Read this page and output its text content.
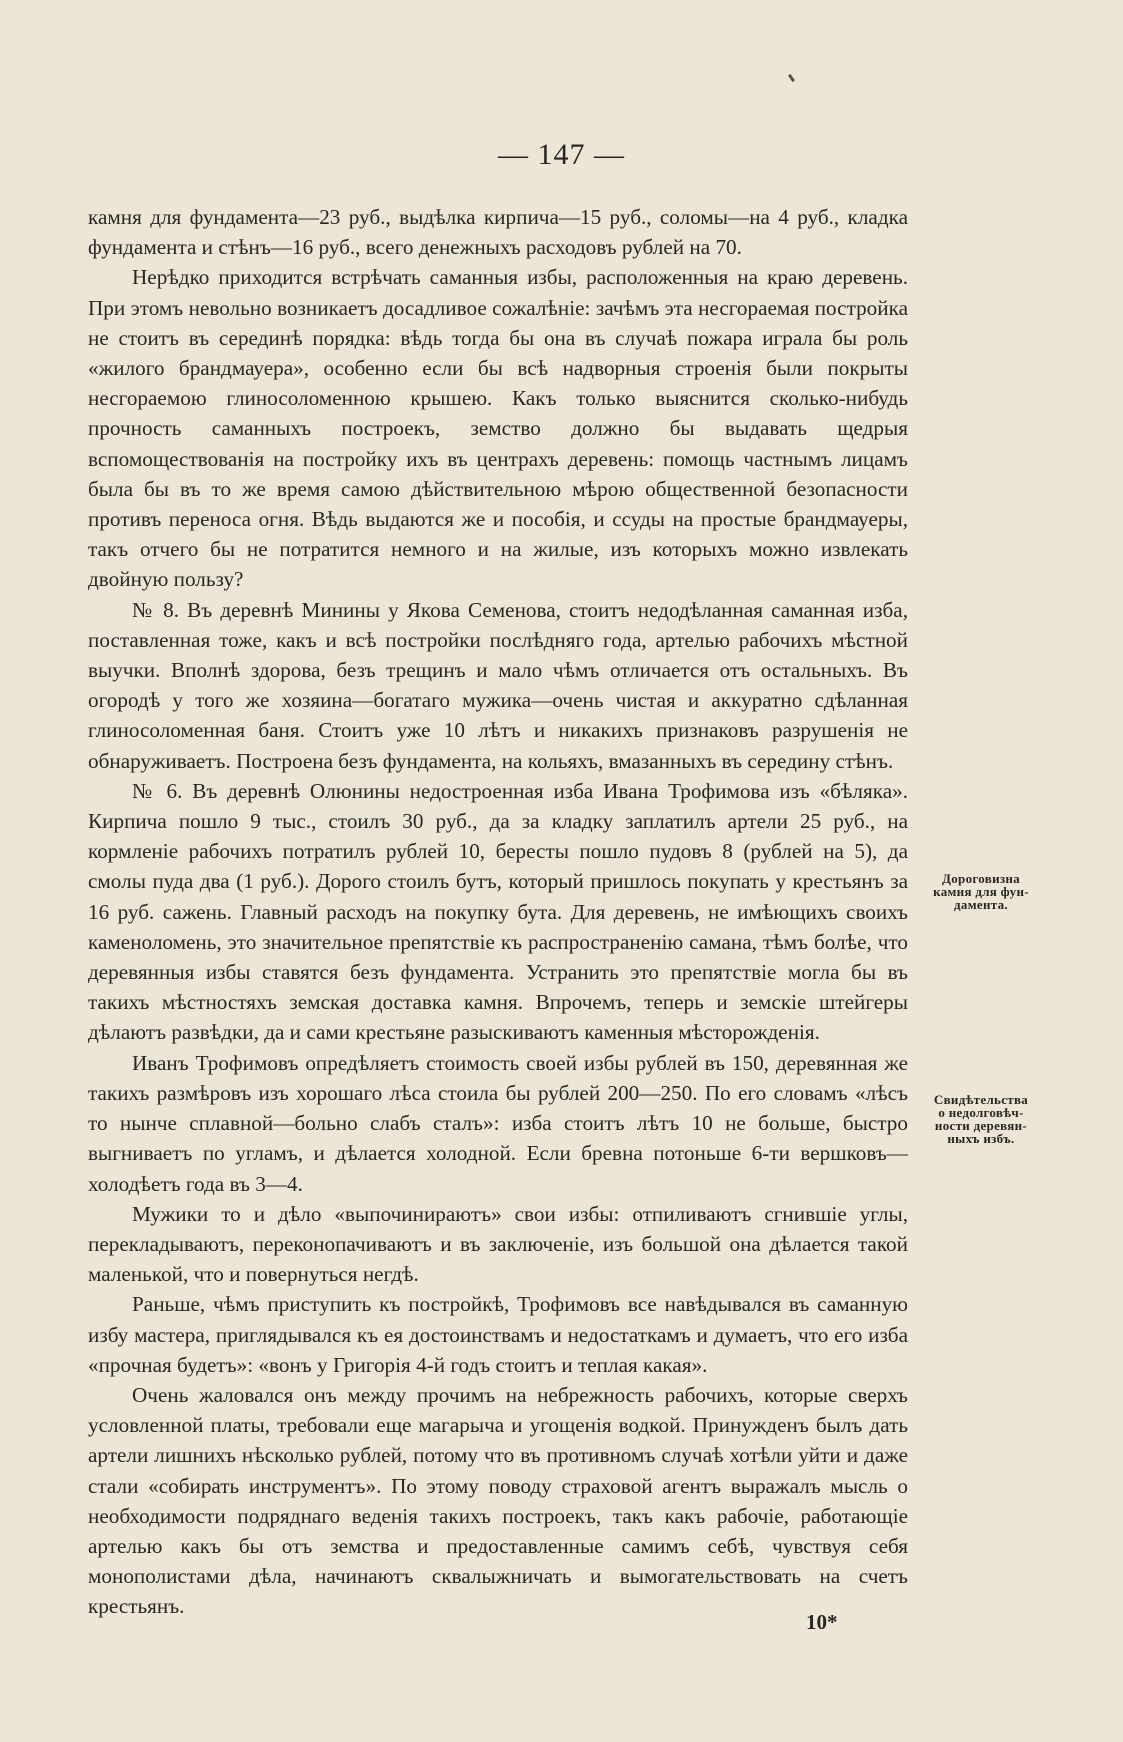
— 147 —

камня для фундамента—23 руб., выдѣлка кирпича—15 руб., соломы—на 4 руб., кладка фундамента и стѣнъ—16 руб., всего денежныхъ расходовъ рублей на 70.

Нерѣдко приходится встрѣчать саманныя избы, расположенныя на краю деревень. При этомъ невольно возникаетъ досадливое сожалѣніе: зачѣмъ эта несгораемая постройка не стоитъ въ серединѣ порядка: вѣдь тогда бы она въ случаѣ пожара играла бы роль «жилого брандмауера», особенно если бы всѣ надворныя строенія были покрыты несгораемою глиносоломенною крышею. Какъ только выяснится сколько-нибудь прочность саманныхъ построекъ, земство должно бы выдавать щедрыя вспомоществованія на постройку ихъ въ центрахъ деревень: помощь частнымъ лицамъ была бы въ то же время самою дѣйствительною мѣрою общественной безопасности противъ переноса огня. Вѣдь выдаются же и пособія, и ссуды на простые брандмауеры, такъ отчего бы не потратится немного и на жилые, изъ которыхъ можно извлекать двойную пользу?

№ 8. Въ деревнѣ Минины у Якова Семенова, стоитъ недодѣланная саманная изба, поставленная тоже, какъ и всѣ постройки послѣдняго года, артелью рабочихъ мѣстной выучки. Вполнѣ здорова, безъ трещинъ и мало чѣмъ отличается отъ остальныхъ. Въ огородѣ у того же хозяина—богатаго мужика—очень чистая и аккуратно сдѣланная глиносоломенная баня. Стоитъ уже 10 лѣтъ и никакихъ признаковъ разрушенія не обнаруживаетъ. Построена безъ фундамента, на кольяхъ, вмазанныхъ въ середину стѣнъ.

№ 6. Въ деревнѣ Олюнины недостроенная изба Ивана Трофимова изъ «бѣляка». Кирпича пошло 9 тыс., стоилъ 30 руб., да за кладку заплатилъ артели 25 руб., на кормленіе рабочихъ потратилъ рублей 10, бересты пошло пудовъ 8 (рублей на 5), да смолы пуда два (1 руб.). Дорого стоилъ бутъ, который пришлось покупать у крестьянъ за 16 руб. сажень. Главный расходъ на покупку бута. Для деревень, не имѣющихъ своихъ каменоломень, это значительное препятствіе къ распространенію самана, тѣмъ болѣе, что деревянныя избы ставятся безъ фундамента. Устранить это препятствіе могла бы въ такихъ мѣстностяхъ земская доставка камня. Впрочемъ, теперь и земскіе штейгеры дѣлаютъ развѣдки, да и сами крестьяне разыскиваютъ каменныя мѣсторожденія.

Иванъ Трофимовъ опредѣляетъ стоимость своей избы рублей въ 150, деревянная же такихъ размѣровъ изъ хорошаго лѣса стоила бы рублей 200—250. По его словамъ «лѣсъ то нынче сплавной—больно слабъ сталъ»: изба стоитъ лѣтъ 10 не больше, быстро выгниваетъ по угламъ, и дѣлается холодной. Если бревна потоньше 6-ти вершковъ—холодѣетъ года въ 3—4.

Мужики то и дѣло «выпочинираютъ» свои избы: отпиливаютъ сгнившіе углы, перекладываютъ, переконопачиваютъ и въ заключеніе, изъ большой она дѣлается такой маленькой, что и повернуться негдѣ.

Раньше, чѣмъ приступить къ постройкѣ, Трофимовъ все навѣдывался въ саманную избу мастера, приглядывался къ ея достоинствамъ и недостаткамъ и думаетъ, что его изба «прочная будетъ»: «вонъ у Григорія 4-й годъ стоитъ и теплая какая».

Очень жаловался онъ между прочимъ на небрежность рабочихъ, которые сверхъ условленной платы, требовали еще магарыча и угощенія водкой. Принужденъ былъ дать артели лишнихъ нѣсколько рублей, потому что въ противномъ случаѣ хотѣли уйти и даже стали «собирать инструментъ». По этому поводу страховой агентъ выражалъ мысль о необходимости подряднаго веденія такихъ построекъ, такъ какъ рабочіе, работающіе артелью какъ бы отъ земства и предоставленные самимъ себѣ, чувствуя себя монополистами дѣла, начинаютъ сквалыжничать и вымогательствовать на счетъ крестьянъ.

Дороговизна
камня для фун-
дамента.
Свидѣтельства
о недолговѣч-
ности деревян-
ныхъ избъ.
10*
